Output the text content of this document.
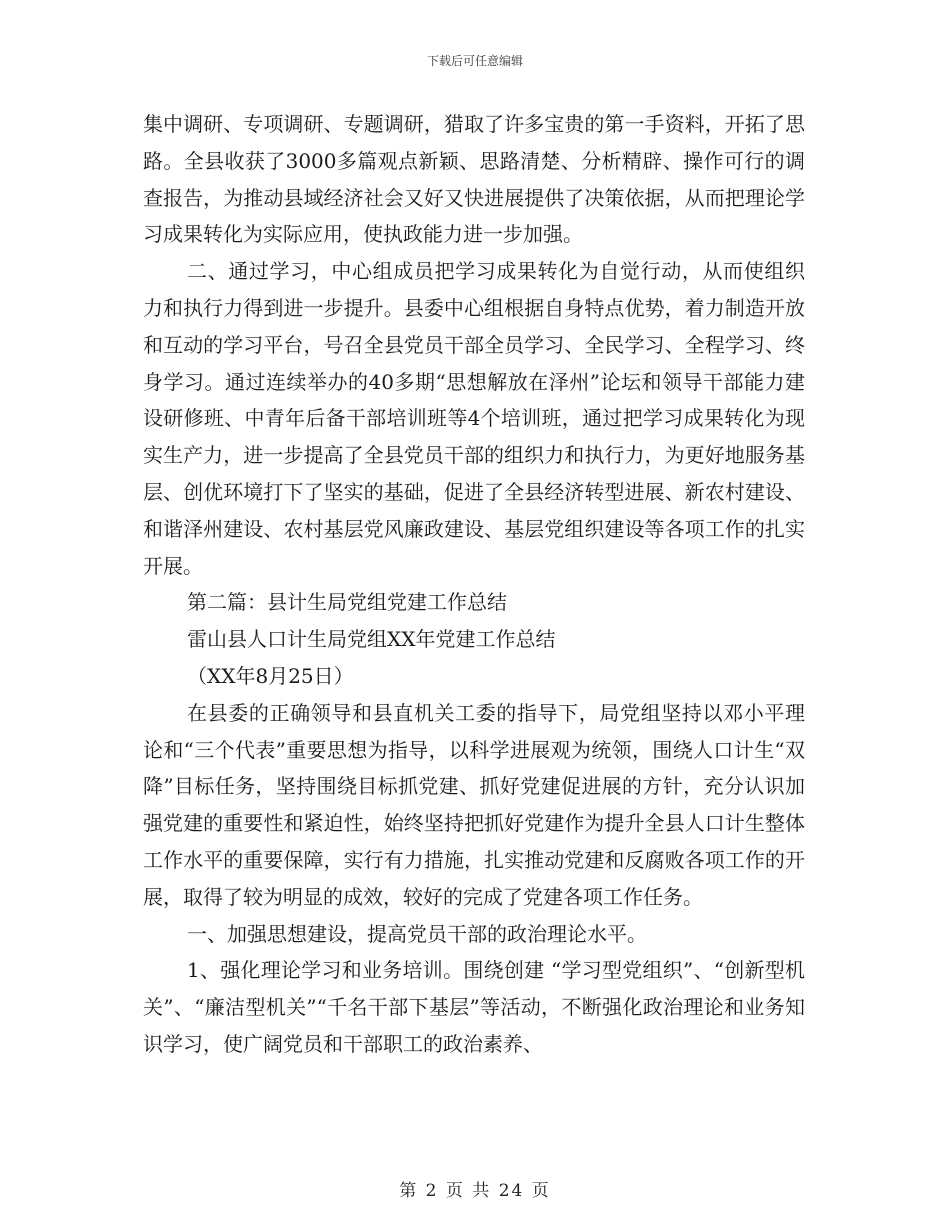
下载后可任意编辑

集中调研、专项调研、专题调研，猎取了许多宝贵的第一手资料，开拓了思路。全县收获了3000多篇观点新颖、思路清楚、分析精辟、操作可行的调查报告，为推动县域经济社会又好又快进展提供了决策依据，从而把理论学习成果转化为实际应用，使执政能力进一步加强。

二、通过学习，中心组成员把学习成果转化为自觉行动，从而使组织力和执行力得到进一步提升。县委中心组根据自身特点优势，着力制造开放和互动的学习平台，号召全县党员干部全员学习、全民学习、全程学习、终身学习。通过连续举办的40多期“思想解放在泽州”论坛和领导干部能力建设研修班、中青年后备干部培训班等4个培训班，通过把学习成果转化为现实生产力，进一步提高了全县党员干部的组织力和执行力，为更好地服务基层、创优环境打下了坚实的基础，促进了全县经济转型进展、新农村建设、和谐泽州建设、农村基层党风廉政建设、基层党组织建设等各项工作的扎实开展。

第二篇：县计生局党组党建工作总结

雷山县人口计生局党组XX年党建工作总结

（XX年8月25日）

在县委的正确领导和县直机关工委的指导下，局党组坚持以邓小平理论和“三个代表”重要思想为指导，以科学进展观为统领，围绕人口计生“双降”目标任务，坚持围绕目标抓党建、抓好党建促进展的方针，充分认识加强党建的重要性和紧迫性，始终坚持把抓好党建作为提升全县人口计生整体工作水平的重要保障，实行有力措施，扎实推动党建和反腐败各项工作的开展，取得了较为明显的成效，较好的完成了党建各项工作任务。

一、加强思想建设，提高党员干部的政治理论水平。

1、强化理论学习和业务培训。围绕创建 “学习型党组织”、“创新型机关”、“廉洁型机关”“千名干部下基层”等活动，不断强化政治理论和业务知识学习，使广阔党员和干部职工的政治素养、

第 2 页 共 24 页
